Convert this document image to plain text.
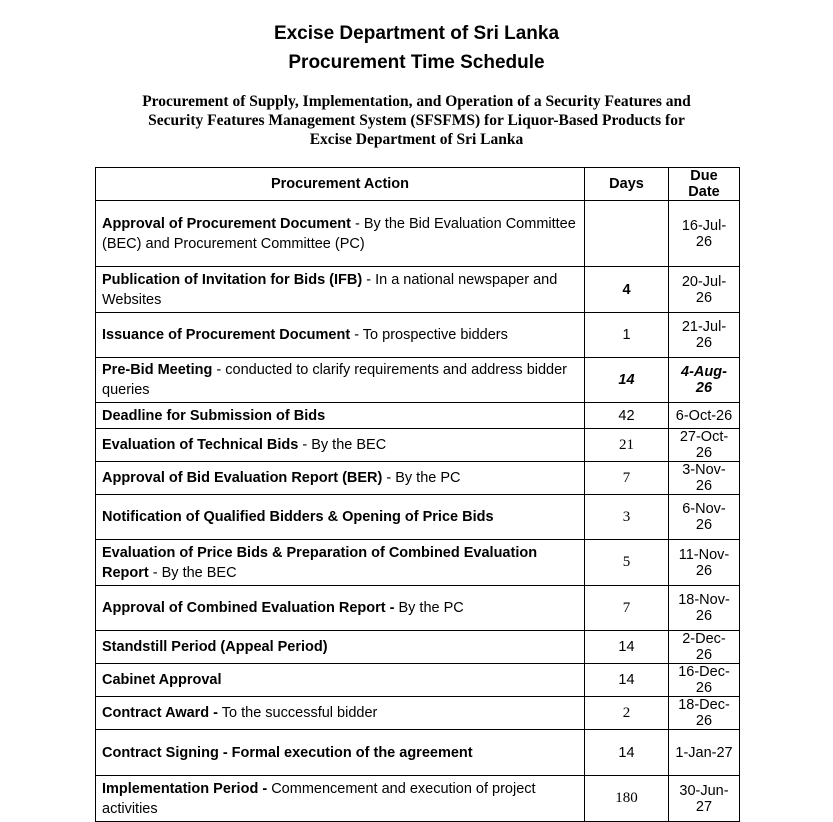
Excise Department of Sri Lanka
Procurement Time Schedule
Procurement of Supply, Implementation, and Operation of a Security Features and
Security Features Management System (SFSFMS) for Liquor-Based Products for
Excise Department of Sri Lanka
Procurement Action	Days	Due Date
Approval of Procurement Document - By the Bid Evaluation Committee (BEC) and Procurement Committee (PC)		16-Jul-26
Publication of Invitation for Bids (IFB) - In a national newspaper and Websites	4	20-Jul-26
Issuance of Procurement Document - To prospective bidders	1	21-Jul-26
Pre-Bid Meeting - conducted to clarify requirements and address bidder queries	14	4-Aug-26
Deadline for Submission of Bids	42	6-Oct-26
Evaluation of Technical Bids - By the BEC	21	27-Oct-26
Approval of Bid Evaluation Report (BER) - By the PC	7	3-Nov-26
Notification of Qualified Bidders & Opening of Price Bids	3	6-Nov-26
Evaluation of Price Bids & Preparation of Combined Evaluation Report - By the BEC	5	11-Nov-26
Approval of Combined Evaluation Report - By the PC	7	18-Nov-26
Standstill Period (Appeal Period)	14	2-Dec-26
Cabinet Approval	14	16-Dec-26
Contract Award - To the successful bidder	2	18-Dec-26
Contract Signing - Formal execution of the agreement	14	1-Jan-27
Implementation Period - Commencement and execution of project activities	180	30-Jun-27
